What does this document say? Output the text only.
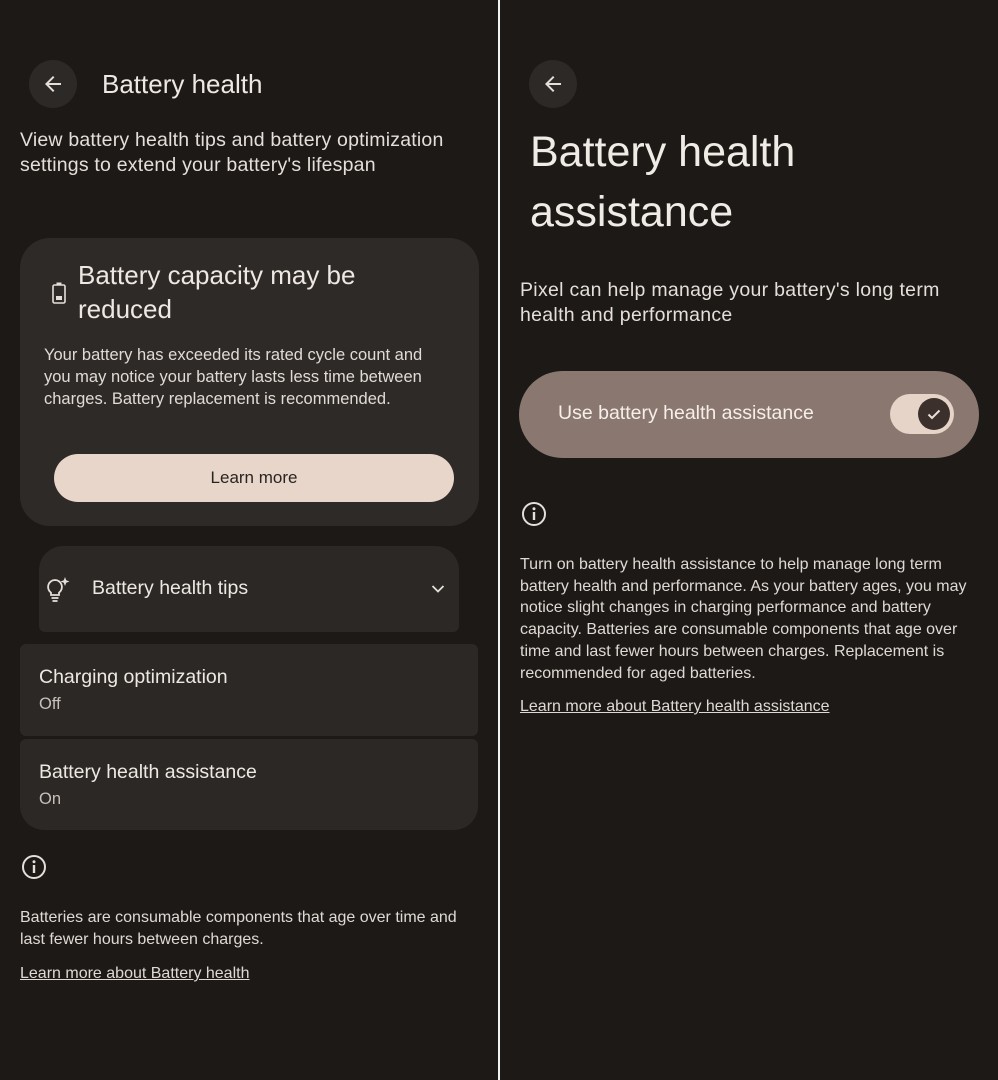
Battery health
View battery health tips and battery optimization settings to extend your battery's lifespan
Battery capacity may be reduced
Your battery has exceeded its rated cycle count and you may notice your battery lasts less time between charges. Battery replacement is recommended.
Learn more
Battery health tips
Charging optimization
Off
Battery health assistance
On
Batteries are consumable components that age over time and last fewer hours between charges.
Learn more about Battery health
Battery health assistance
Pixel can help manage your battery's long term health and performance
Use battery health assistance
Turn on battery health assistance to help manage long term battery health and performance. As your battery ages, you may notice slight changes in charging performance and battery capacity. Batteries are consumable components that age over time and last fewer hours between charges. Replacement is recommended for aged batteries.
Learn more about Battery health assistance
